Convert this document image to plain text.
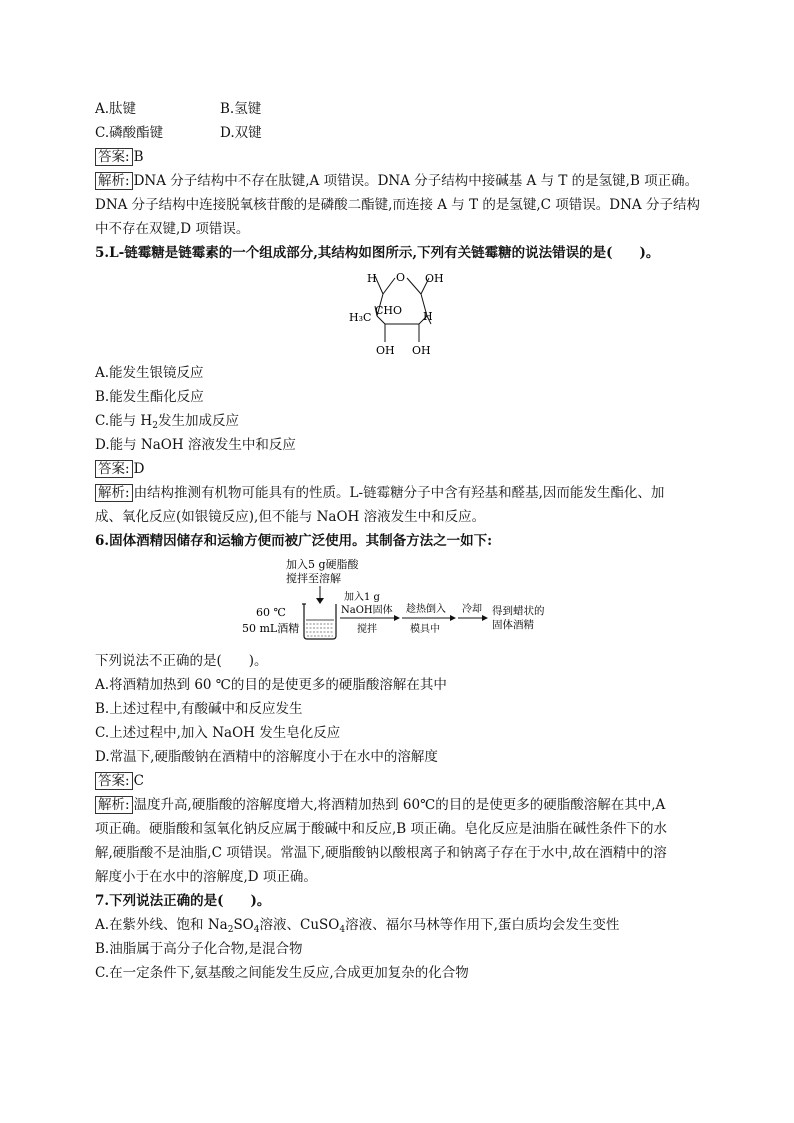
A.肽键	B.氢键
C.磷酸酯键	D.双键
答案: B
解析: DNA 分子结构中不存在肽键,A 项错误。DNA 分子结构中接碱基 A 与 T 的是氢键,B 项正确。
DNA 分子结构中连接脱氧核苷酸的是磷酸二酯键,而连接 A 与 T 的是氢键,C 项错误。DNA 分子结构
中不存在双键,D 项错误。
5.L-链霉糖是链霉素的一个组成部分,其结构如图所示,下列有关链霉糖的说法错误的是(　　)。
H O OH
H₃C
CHO H
OH OH
A.能发生银镜反应
B.能发生酯化反应
C.能与 $H_2$发生加成反应
D.能与 NaOH 溶液发生中和反应
答案: D
解析: 由结构推测有机物可能具有的性质。L-链霉糖分子中含有羟基和醛基,因而能发生酯化、加
成、氧化反应(如银镜反应),但不能与 NaOH 溶液发生中和反应。
6.固体酒精因储存和运输方便而被广泛使用。其制备方法之一如下:
加入5 g硬脂酸
搅拌至溶解
60 ℃
50 mL酒精
加入1 g
NaOH固体
搅拌
趁热倒入
模具中
冷却 得到蜡状的
固体酒精
下列说法不正确的是(　　)。
A.将酒精加热到 60 ℃的目的是使更多的硬脂酸溶解在其中
B.上述过程中,有酸碱中和反应发生
C.上述过程中,加入 NaOH 发生皂化反应
D.常温下,硬脂酸钠在酒精中的溶解度小于在水中的溶解度
答案: C
解析: 温度升高,硬脂酸的溶解度增大,将酒精加热到 60℃的目的是使更多的硬脂酸溶解在其中,A
项正确。硬脂酸和氢氧化钠反应属于酸碱中和反应,B 项正确。皂化反应是油脂在碱性条件下的水
解,硬脂酸不是油脂,C 项错误。常温下,硬脂酸钠以酸根离子和钠离子存在于水中,故在酒精中的溶
解度小于在水中的溶解度,D 项正确。
7.下列说法正确的是(　　)。
A.在紫外线、饱和 $Na_2SO_4$溶液、CuSO$_4$溶液、福尔马林等作用下,蛋白质均会发生变性
B.油脂属于高分子化合物,是混合物
C.在一定条件下,氨基酸之间能发生反应,合成更加复杂的化合物
